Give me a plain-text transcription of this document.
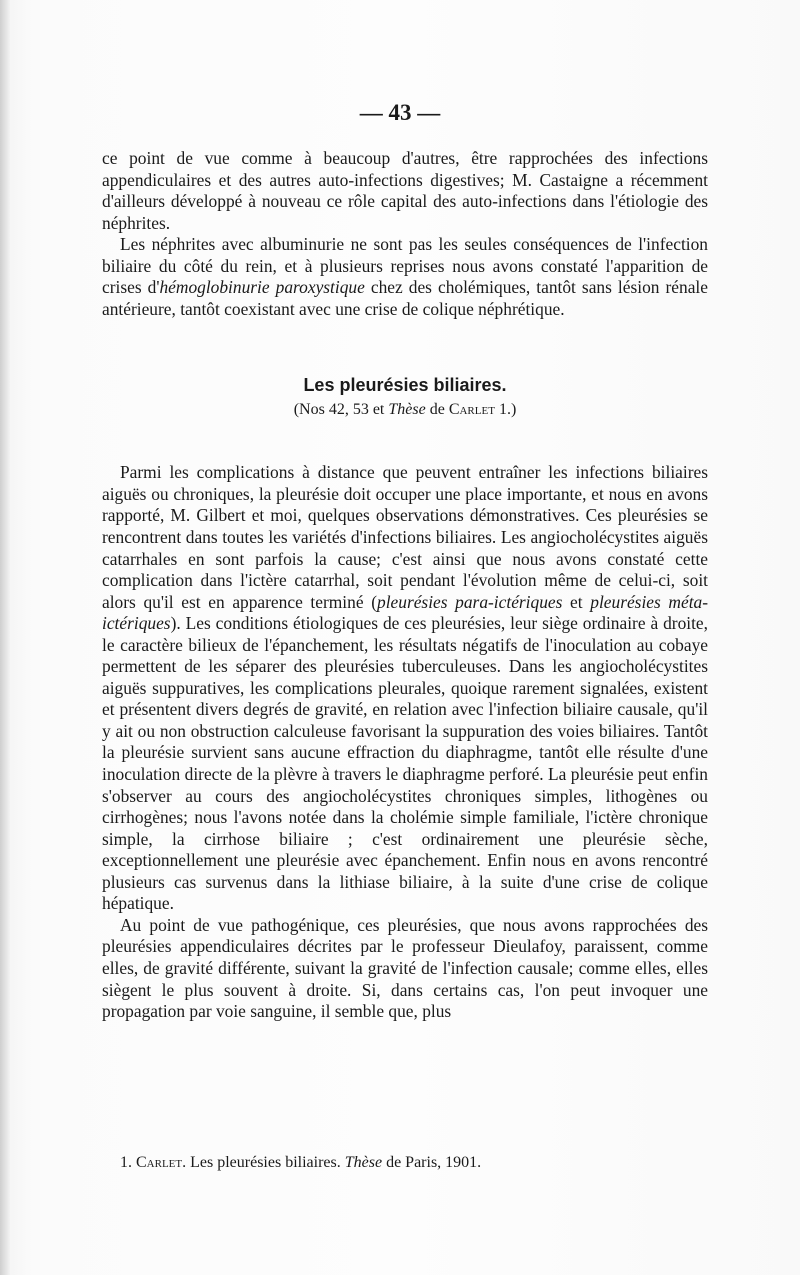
— 43 —

ce point de vue comme à beaucoup d'autres, être rapprochées des infections appendiculaires et des autres auto-infections digestives; M. Castaigne a récemment d'ailleurs développé à nouveau ce rôle capital des auto-infections dans l'étiologie des néphrites.

Les néphrites avec albuminurie ne sont pas les seules conséquences de l'infection biliaire du côté du rein, et à plusieurs reprises nous avons constaté l'apparition de crises d'hémoglobinurie paroxystique chez des cholémiques, tantôt sans lésion rénale antérieure, tantôt coexistant avec une crise de colique néphrétique.

Les pleurésies biliaires.
(Nos 42, 53 et Thèse de Carlet 1.)

Parmi les complications à distance que peuvent entraîner les infections biliaires aiguës ou chroniques, la pleurésie doit occuper une place importante, et nous en avons rapporté, M. Gilbert et moi, quelques observations démonstratives. Ces pleurésies se rencontrent dans toutes les variétés d'infections biliaires. Les angiocholécystites aiguës catarrhales en sont parfois la cause; c'est ainsi que nous avons constaté cette complication dans l'ictère catarrhal, soit pendant l'évolution même de celui-ci, soit alors qu'il est en apparence terminé (pleurésies para-ictériques et pleurésies méta-ictériques). Les conditions étiologiques de ces pleurésies, leur siège ordinaire à droite, le caractère bilieux de l'épanchement, les résultats négatifs de l'inoculation au cobaye permettent de les séparer des pleurésies tuberculeuses. Dans les angiocholécystites aiguës suppuratives, les complications pleurales, quoique rarement signalées, existent et présentent divers degrés de gravité, en relation avec l'infection biliaire causale, qu'il y ait ou non obstruction calculeuse favorisant la suppuration des voies biliaires. Tantôt la pleurésie survient sans aucune effraction du diaphragme, tantôt elle résulte d'une inoculation directe de la plèvre à travers le diaphragme perforé. La pleurésie peut enfin s'observer au cours des angiocholécystites chroniques simples, lithogènes ou cirrhogènes; nous l'avons notée dans la cholémie simple familiale, l'ictère chronique simple, la cirrhose biliaire ; c'est ordinairement une pleurésie sèche, exceptionnellement une pleurésie avec épanchement. Enfin nous en avons rencontré plusieurs cas survenus dans la lithiase biliaire, à la suite d'une crise de colique hépatique.

Au point de vue pathogénique, ces pleurésies, que nous avons rapprochées des pleurésies appendiculaires décrites par le professeur Dieulafoy, paraissent, comme elles, de gravité différente, suivant la gravité de l'infection causale; comme elles, elles siègent le plus souvent à droite. Si, dans certains cas, l'on peut invoquer une propagation par voie sanguine, il semble que, plus

1. Carlet. Les pleurésies biliaires. Thèse de Paris, 1901.
